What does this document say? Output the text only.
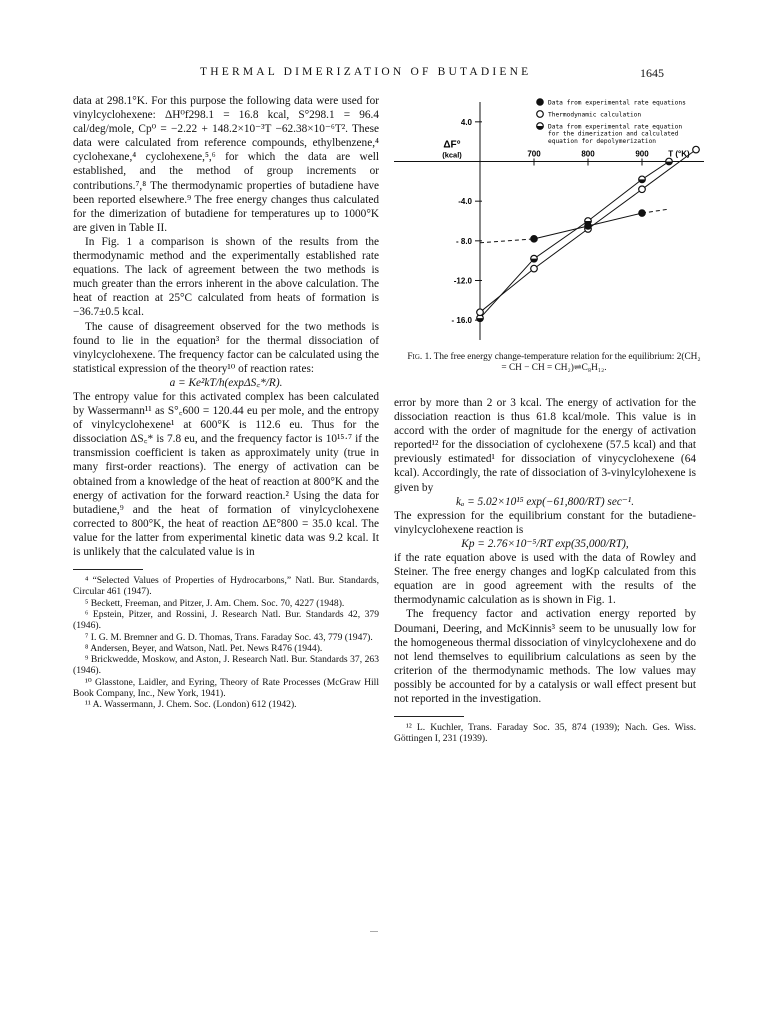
THERMAL DIMERIZATION OF BUTADIENE	1645

data at 298.1°K. For this purpose the following data were used for vinylcyclohexene: ΔH⁰f298.1 = 16.8 kcal, S°298.1 = 96.4 cal/deg/mole, Cp⁰ = −2.22 + 148.2×10⁻³T −62.38×10⁻⁶T². These data were calculated from reference compounds, ethylbenzene,⁴ cyclohexane,⁴ cyclohexene,⁵,⁶ for which the data are well established, and the method of group increments or contributions.⁷,⁸ The thermodynamic properties of butadiene have been reported elsewhere.⁹ The free energy changes thus calculated for the dimerization of butadiene for temperatures up to 1000°K are given in Table II.

In Fig. 1 a comparison is shown of the results from the thermodynamic method and the experimentally established rate equations. The lack of agreement between the two methods is much greater than the errors inherent in the above calculation. The heat of reaction at 25°C calculated from heats of formation is −36.7±0.5 kcal.

The cause of disagreement observed for the two methods is found to lie in the equation³ for the thermal dissociation of vinylcyclohexene. The frequency factor can be calculated using the statistical expression of the theory¹⁰ of reaction rates:

a = Ke²kT/h(expΔS꜀*/R).

The entropy value for this activated complex has been calculated by Wassermann¹¹ as S°꜀600 = 120.44 eu per mole, and the entropy of vinylcyclohexene¹ at 600°K is 112.6 eu. Thus for the dissociation ΔS꜀* is 7.8 eu, and the frequency factor is 10¹⁵·⁷ if the transmission coefficient is taken as approximately unity (true in many first-order reactions). The energy of activation can be obtained from a knowledge of the heat of reaction at 800°K and the energy of activation for the forward reaction.² Using the data for butadiene,⁹ and the heat of formation of vinylcyclohexene corrected to 800°K, the heat of reaction ΔE°800 = 35.0 kcal. The value for the latter from experimental kinetic data was 9.2 kcal. It is unlikely that the calculated value is in

⁴ “Selected Values of Properties of Hydrocarbons,” Natl. Bur. Standards, Circular 461 (1947).

⁵ Beckett, Freeman, and Pitzer, J. Am. Chem. Soc. 70, 4227 (1948).

⁶ Epstein, Pitzer, and Rossini, J. Research Natl. Bur. Standards 42, 379 (1946).

⁷ I. G. M. Bremner and G. D. Thomas, Trans. Faraday Soc. 43, 779 (1947).

⁸ Andersen, Beyer, and Watson, Natl. Pet. News R476 (1944).

⁹ Brickwedde, Moskow, and Aston, J. Research Natl. Bur. Standards 37, 263 (1946).

¹⁰ Glasstone, Laidler, and Eyring, Theory of Rate Processes (McGraw Hill Book Company, Inc., New York, 1941).

¹¹ A. Wassermann, J. Chem. Soc. (London) 612 (1942).

4.0
-4.0
- 8.0
-12.0
- 16.0
700	800	900 T (°K)
ΔF°
(kcal)
Data from experimental rate equations
Thermodynamic calculation
Data from experimental rate equation for the dimerization and calculated equation for depolymerization
Fig. 1. The free energy change-temperature relation for the equilibrium: 2(CH₂ = CH − CH = CH₂)⇌C₈H₁₂.

error by more than 2 or 3 kcal. The energy of activation for the dissociation reaction is thus 61.8 kcal/mole. This value is in accord with the order of magnitude for the energy of activation reported¹² for the dissociation of cyclohexene (57.5 kcal) and that previously estimated¹ for dissociation of vinycyclohexene (64 kcal). Accordingly, the rate of dissociation of 3-vinylcylohexene is given by

kₐ = 5.02×10¹⁵ exp(−61,800/RT) sec⁻¹.

The expression for the equilibrium constant for the butadiene-vinylcyclohexene reaction is

Kp = 2.76×10⁻⁵/RT exp(35,000/RT),

if the rate equation above is used with the data of Rowley and Steiner. The free energy changes and logKp calculated from this equation are in good agreement with the results of the thermodynamic calculation as is shown in Fig. 1.

The frequency factor and activation energy reported by Doumani, Deering, and McKinnis³ seem to be unusually low for the homogeneous thermal dissociation of vinylcyclohexene and do not lend themselves to equilibrium calculations as seen by the criterion of the thermodynamic methods. The low values may possibly be accounted for by a catalysis or wall effect present but not reported in the investigation.

¹² L. Kuchler, Trans. Faraday Soc. 35, 874 (1939); Nach. Ges. Wiss. Göttingen I, 231 (1939).
